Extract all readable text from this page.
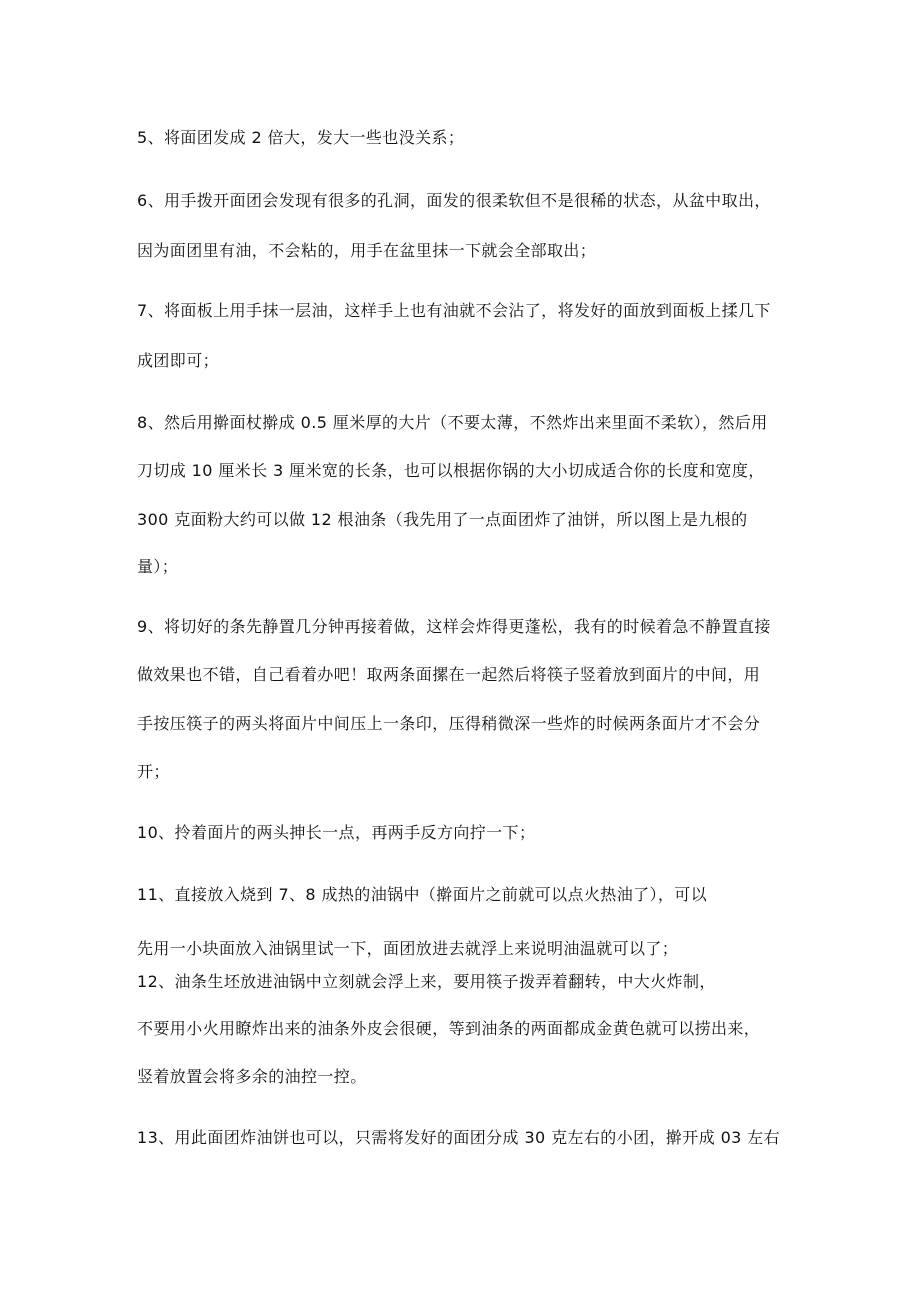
5、将面团发成 2 倍大，发大一些也没关系；
6、用手拨开面团会发现有很多的孔洞，面发的很柔软但不是很稀的状态，从盆中取出，
因为面团里有油，不会粘的，用手在盆里抹一下就会全部取出；
7、将面板上用手抹一层油，这样手上也有油就不会沾了，将发好的面放到面板上揉几下
成团即可；
8、然后用擀面杖擀成 0.5 厘米厚的大片（不要太薄，不然炸出来里面不柔软），然后用
刀切成 10 厘米长 3 厘米宽的长条，也可以根据你锅的大小切成适合你的长度和宽度，
300 克面粉大约可以做 12 根油条（我先用了一点面团炸了油饼，所以图上是九根的
量）；
9、将切好的条先静置几分钟再接着做，这样会炸得更蓬松，我有的时候着急不静置直接
做效果也不错，自己看着办吧！取两条面摞在一起然后将筷子竖着放到面片的中间，用
手按压筷子的两头将面片中间压上一条印，压得稍微深一些炸的时候两条面片才不会分
开；
10、拎着面片的两头抻长一点，再两手反方向拧一下；
11、直接放入烧到 7、8 成热的油锅中（擀面片之前就可以点火热油了），可以
先用一小块面放入油锅里试一下，面团放进去就浮上来说明油温就可以了；
12、油条生坯放进油锅中立刻就会浮上来，要用筷子拨弄着翻转，中大火炸制，
不要用小火用瞭炸出来的油条外皮会很硬，等到油条的两面都成金黄色就可以捞出来，
竖着放置会将多余的油控一控。
13、用此面团炸油饼也可以，只需将发好的面团分成 30 克左右的小团，擀开成 03 左右
